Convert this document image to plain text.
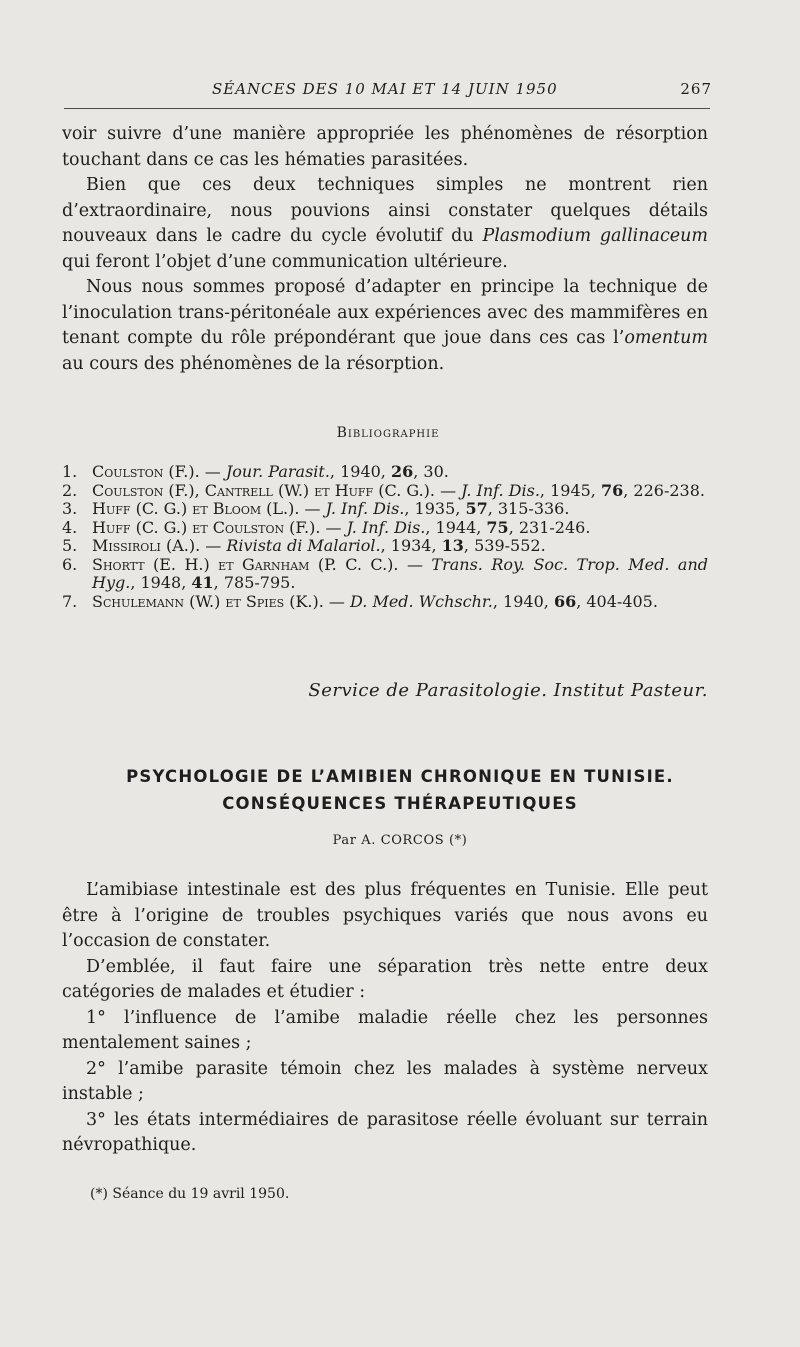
SÉANCES DES 10 MAI ET 14 JUIN 1950	267

voir suivre d’une manière appropriée les phénomènes de résorption touchant dans ce cas les hématies parasitées.

Bien que ces deux techniques simples ne montrent rien d’extraordinaire, nous pouvions ainsi constater quelques détails nouveaux dans le cadre du cycle évolutif du Plasmodium gallinaceum qui feront l’objet d’une communication ultérieure.

Nous nous sommes proposé d’adapter en principe la technique de l’inoculation trans-péritonéale aux expériences avec des mammifères en tenant compte du rôle prépondérant que joue dans ces cas l’omentum au cours des phénomènes de la résorption.

Bibliographie
1. Coulston (F.). — Jour. Parasit., 1940, 26, 30.
2. Coulston (F.), Cantrell (W.) et Huff (C. G.). — J. Inf. Dis., 1945, 76, 226-238.
3. Huff (C. G.) et Bloom (L.). — J. Inf. Dis., 1935, 57, 315-336.
4. Huff (C. G.) et Coulston (F.). — J. Inf. Dis., 1944, 75, 231-246.
5. Missiroli (A.). — Rivista di Malariol., 1934, 13, 539-552.
6. Shortt (E. H.) et Garnham (P. C. C.). — Trans. Roy. Soc. Trop. Med. and Hyg., 1948, 41, 785-795.
7. Schulemann (W.) et Spies (K.). — D. Med. Wchschr., 1940, 66, 404-405.
Service de Parasitologie. Institut Pasteur.
PSYCHOLOGIE DE L’AMIBIEN CHRONIQUE EN TUNISIE.
CONSÉQUENCES THÉRAPEUTIQUES
Par A. CORCOS (*)

L’amibiase intestinale est des plus fréquentes en Tunisie. Elle peut être à l’origine de troubles psychiques variés que nous avons eu l’occasion de constater.

D’emblée, il faut faire une séparation très nette entre deux catégories de malades et étudier :

1° l’influence de l’amibe maladie réelle chez les personnes mentalement saines ;

2° l’amibe parasite témoin chez les malades à système nerveux instable ;

3° les états intermédiaires de parasitose réelle évoluant sur terrain névropathique.

(*) Séance du 19 avril 1950.
